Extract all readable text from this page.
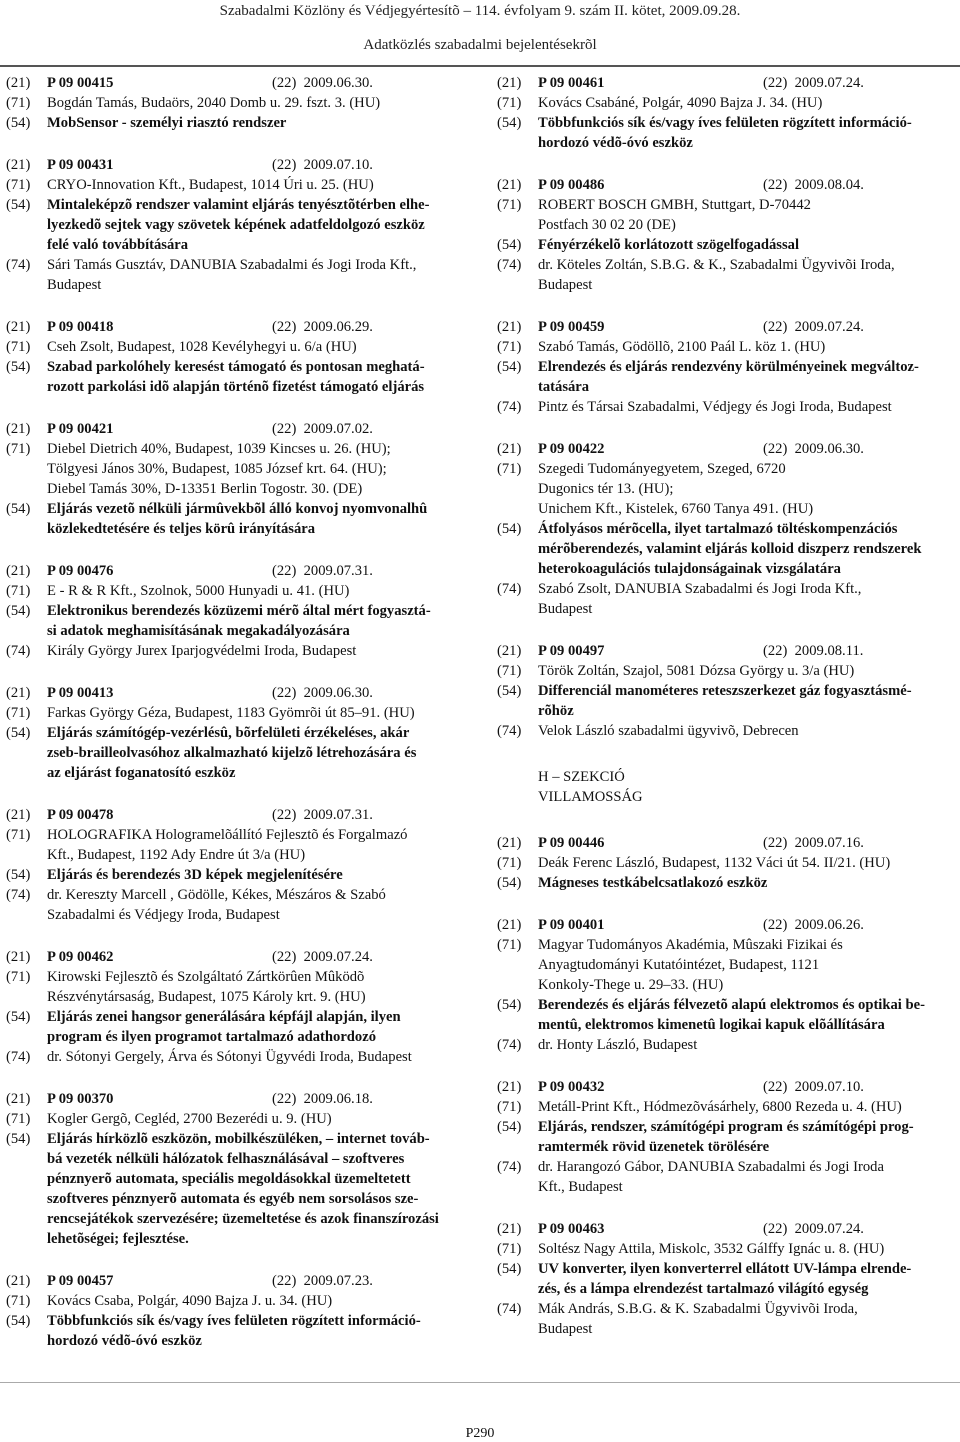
Szabadalmi Közlöny és Védjegyértesítõ – 114. évfolyam 9. szám II. kötet, 2009.09.28.
Adatközlés szabadalmi bejelentésekrõl
(21)	P 09 00415	(22) 2009.06.30.
(71)	Bogdán Tamás, Budaörs, 2040 Domb u. 29. fszt. 3. (HU)
(54)	MobSensor - személyi riasztó rendszer
(21)	P 09 00431	(22) 2009.07.10.
(71)	CRYO-Innovation Kft., Budapest, 1014 Úri u. 25. (HU)
(54)	Mintaleképzõ rendszer valamint eljárás tenyésztõtérben elhe-
lyezkedõ sejtek vagy szövetek képének adatfeldolgozó eszköz
felé való továbbítására
(74)	Sári Tamás Gusztáv, DANUBIA Szabadalmi és Jogi Iroda Kft.,
Budapest
(21)	P 09 00418	(22) 2009.06.29.
(71)	Cseh Zsolt, Budapest, 1028 Kevélyhegyi u. 6/a (HU)
(54)	Szabad parkolóhely keresést támogató és pontosan meghatá-
rozott parkolási idõ alapján történõ fizetést támogató eljárás
(21)	P 09 00421	(22) 2009.07.02.
(71)	Diebel Dietrich 40%, Budapest, 1039 Kincses u. 26. (HU);
Tölgyesi János 30%, Budapest, 1085 József krt. 64. (HU);
Diebel Tamás 30%, D-13351 Berlin Togostr. 30. (DE)
(54)	Eljárás vezetõ nélküli jármûvekbõl álló konvoj nyomvonalhû
közlekedtetésére és teljes körû irányítására
(21)	P 09 00476	(22) 2009.07.31.
(71)	E - R & R Kft., Szolnok, 5000 Hunyadi u. 41. (HU)
(54)	Elektronikus berendezés közüzemi mérõ által mért fogyasztá-
si adatok meghamisításának megakadályozására
(74)	Király György Jurex Iparjogvédelmi Iroda, Budapest
(21)	P 09 00413	(22) 2009.06.30.
(71)	Farkas György Géza, Budapest, 1183 Gyömrõi út 85–91. (HU)
(54)	Eljárás számítógép-vezérlésû, bõrfelületi érzékeléses, akár
zseb-brailleolvasóhoz alkalmazható kijelzõ létrehozására és
az eljárást foganatosító eszköz
(21)	P 09 00478	(22) 2009.07.31.
(71)	HOLOGRAFIKA Hologramelõállító Fejlesztõ és Forgalmazó
Kft., Budapest, 1192 Ady Endre út 3/a (HU)
(54)	Eljárás és berendezés 3D képek megjelenítésére
(74)	dr. Kereszty Marcell , Gödölle, Kékes, Mészáros & Szabó
Szabadalmi és Védjegy Iroda, Budapest
(21)	P 09 00462	(22) 2009.07.24.
(71)	Kirowski Fejlesztõ és Szolgáltató Zártkörûen Mûködõ
Részvénytársaság, Budapest, 1075 Károly krt. 9. (HU)
(54)	Eljárás zenei hangsor generálására képfájl alapján, ilyen
program és ilyen programot tartalmazó adathordozó
(74)	dr. Sótonyi Gergely, Árva és Sótonyi Ügyvédi Iroda, Budapest
(21)	P 09 00370	(22) 2009.06.18.
(71)	Kogler Gergõ, Cegléd, 2700 Bezerédi u. 9. (HU)
(54)	Eljárás hírközlõ eszközön, mobilkészüléken, – internet továb-
bá vezeték nélküli hálózatok felhasználásával – szoftveres
pénznyerõ automata, speciális megoldásokkal üzemeltetett
szoftveres pénznyerõ automata és egyéb nem sorsolásos sze-
rencsejátékok szervezésére; üzemeltetése és azok finanszírozási
lehetõségei; fejlesztése.
(21)	P 09 00457	(22) 2009.07.23.
(71)	Kovács Csaba, Polgár, 4090 Bajza J. u. 34. (HU)
(54)	Többfunkciós sík és/vagy íves felületen rögzített információ-
hordozó védõ-óvó eszköz
(21)	P 09 00461	(22) 2009.07.24.
(71)	Kovács Csabáné, Polgár, 4090 Bajza J. 34. (HU)
(54)	Többfunkciós sík és/vagy íves felületen rögzített információ-
hordozó védõ-óvó eszköz
(21)	P 09 00486	(22) 2009.08.04.
(71)	ROBERT BOSCH GMBH, Stuttgart, D-70442
Postfach 30 02 20 (DE)
(54)	Fényérzékelõ korlátozott szögelfogadással
(74)	dr. Köteles Zoltán, S.B.G. & K., Szabadalmi Ügyvivõi Iroda,
Budapest
(21)	P 09 00459	(22) 2009.07.24.
(71)	Szabó Tamás, Gödöllõ, 2100 Paál L. köz 1. (HU)
(54)	Elrendezés és eljárás rendezvény körülményeinek megváltoz-
tatására
(74)	Pintz és Társai Szabadalmi, Védjegy és Jogi Iroda, Budapest
(21)	P 09 00422	(22) 2009.06.30.
(71)	Szegedi Tudományegyetem, Szeged, 6720
Dugonics tér 13. (HU);
Unichem Kft., Kistelek, 6760 Tanya 491. (HU)
(54)	Átfolyásos mérõcella, ilyet tartalmazó töltéskompenzációs
mérõberendezés, valamint eljárás kolloid diszperz rendszerek
heterokoagulációs tulajdonságainak vizsgálatára
(74)	Szabó Zsolt, DANUBIA Szabadalmi és Jogi Iroda Kft.,
Budapest
(21)	P 09 00497	(22) 2009.08.11.
(71)	Török Zoltán, Szajol, 5081 Dózsa György u. 3/a (HU)
(54)	Differenciál manométeres reteszszerkezet gáz fogyasztásmé-
rõhöz
(74)	Velok László szabadalmi ügyvivõ, Debrecen
H – SZEKCIÓ
VILLAMOSSÁG
(21)	P 09 00446	(22) 2009.07.16.
(71)	Deák Ferenc László, Budapest, 1132 Váci út 54. II/21. (HU)
(54)	Mágneses testkábelcsatlakozó eszköz
(21)	P 09 00401	(22) 2009.06.26.
(71)	Magyar Tudományos Akadémia, Mûszaki Fizikai és
Anyagtudományi Kutatóintézet, Budapest, 1121
Konkoly-Thege u. 29–33. (HU)
(54)	Berendezés és eljárás félvezetõ alapú elektromos és optikai be-
mentû, elektromos kimenetû logikai kapuk elõállítására
(74)	dr. Honty László, Budapest
(21)	P 09 00432	(22) 2009.07.10.
(71)	Metáll-Print Kft., Hódmezõvásárhely, 6800 Rezeda u. 4. (HU)
(54)	Eljárás, rendszer, számítógépi program és számítógépi prog-
ramtermék rövid üzenetek törölésére
(74)	dr. Harangozó Gábor, DANUBIA Szabadalmi és Jogi Iroda
Kft., Budapest
(21)	P 09 00463	(22) 2009.07.24.
(71)	Soltész Nagy Attila, Miskolc, 3532 Gálffy Ignác u. 8. (HU)
(54)	UV konverter, ilyen konverterrel ellátott UV-lámpa elrende-
zés, és a lámpa elrendezést tartalmazó világító egység
(74)	Mák András, S.B.G. & K. Szabadalmi Ügyvivõi Iroda,
Budapest
P290
